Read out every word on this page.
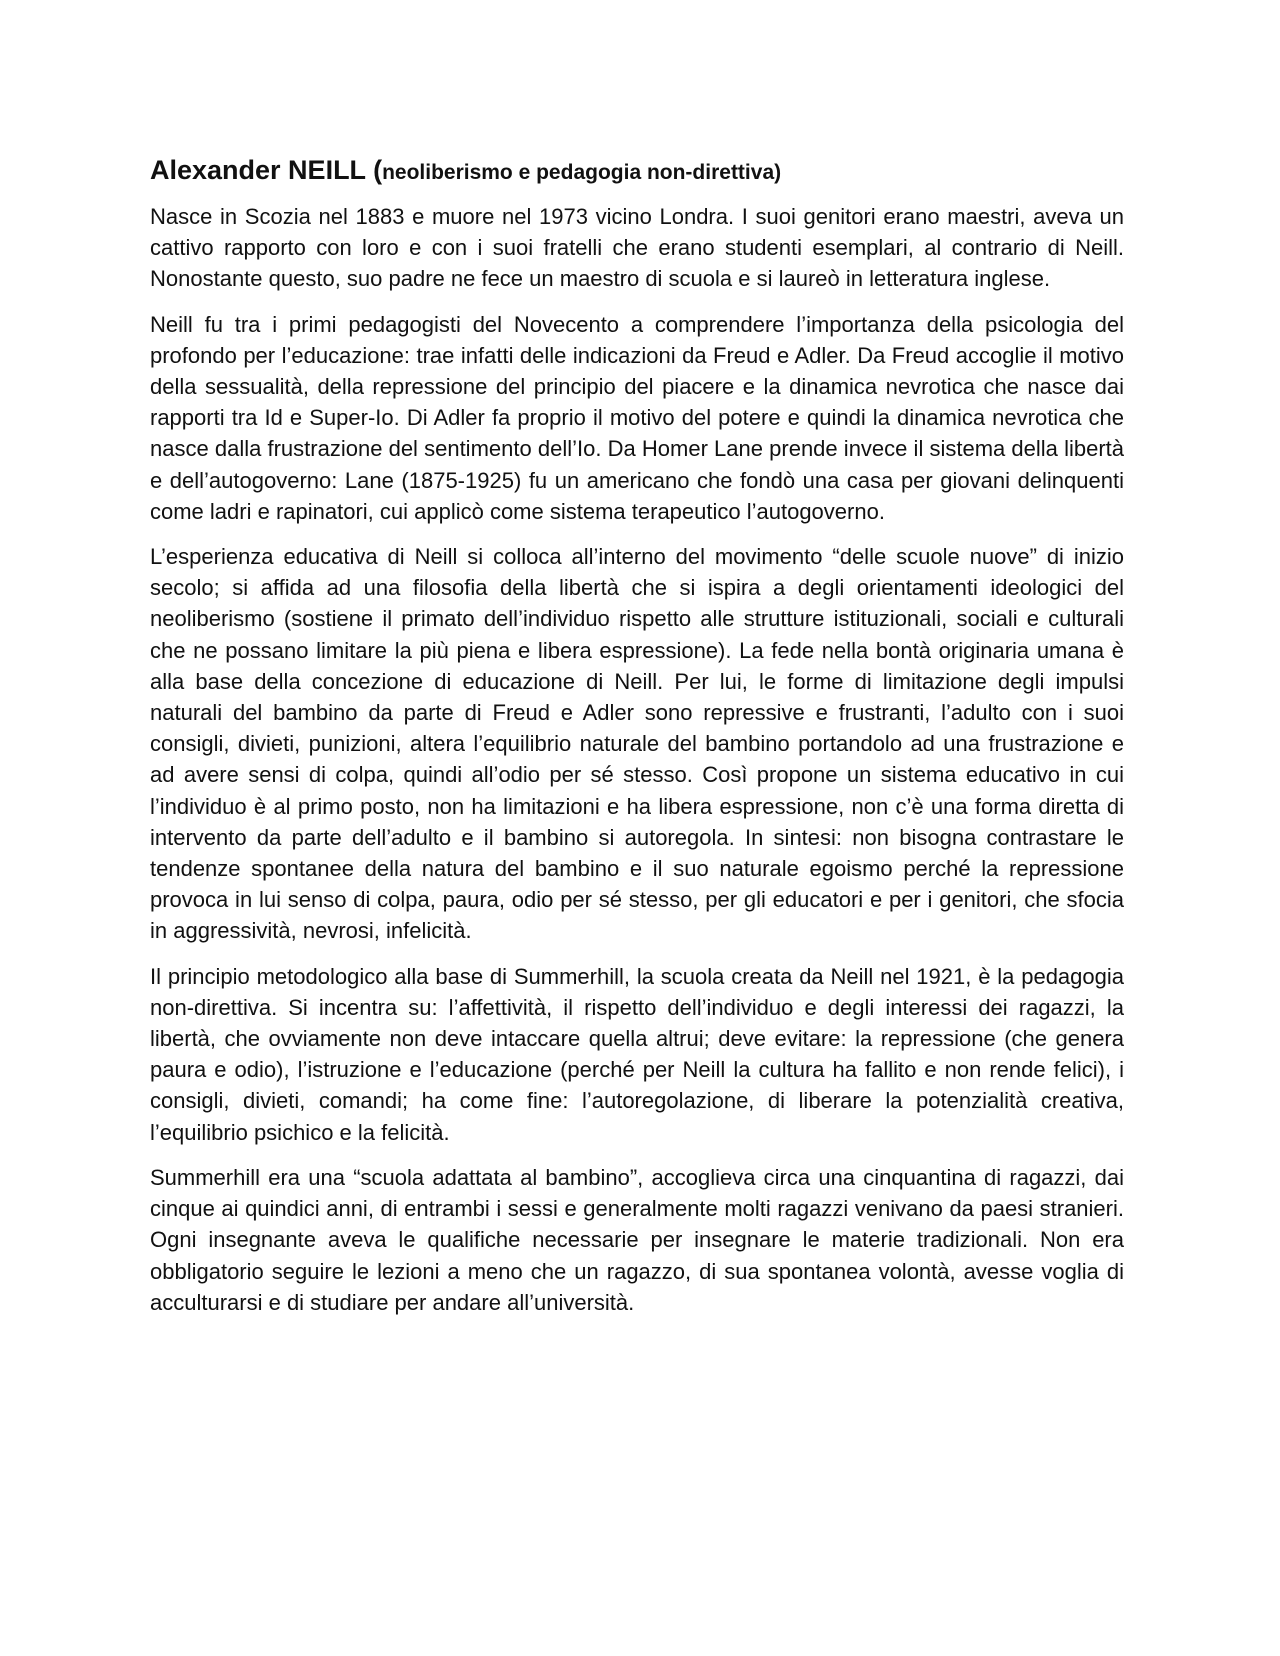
Alexander NEILL (neoliberismo e pedagogia non-direttiva)

Nasce in Scozia nel 1883 e muore nel 1973 vicino Londra. I suoi genitori erano maestri, aveva un cattivo rapporto con loro e con i suoi fratelli che erano studenti esemplari, al contrario di Neill. Nonostante questo, suo padre ne fece un maestro di scuola e si laureò in letteratura inglese.

Neill fu tra i primi pedagogisti del Novecento a comprendere l’importanza della psicologia del profondo per l’educazione: trae infatti delle indicazioni da Freud e Adler. Da Freud accoglie il motivo della sessualità, della repressione del principio del piacere e la dinamica nevrotica che nasce dai rapporti tra Id e Super-Io. Di Adler fa proprio il motivo del potere e quindi la dinamica nevrotica che nasce dalla frustrazione del sentimento dell’Io. Da Homer Lane prende invece il sistema della libertà e dell’autogoverno: Lane (1875-1925) fu un americano che fondò una casa per giovani delinquenti come ladri e rapinatori, cui applicò come sistema terapeutico l’autogoverno.

L’esperienza educativa di Neill si colloca all’interno del movimento “delle scuole nuove” di inizio secolo; si affida ad una filosofia della libertà che si ispira a degli orientamenti ideologici del neoliberismo (sostiene il primato dell’individuo rispetto alle strutture istituzionali, sociali e culturali che ne possano limitare la più piena e libera espressione). La fede nella bontà originaria umana è alla base della concezione di educazione di Neill. Per lui, le forme di limitazione degli impulsi naturali del bambino da parte di Freud e Adler sono repressive e frustranti, l’adulto con i suoi consigli, divieti, punizioni, altera l’equilibrio naturale del bambino portandolo ad una frustrazione e ad avere sensi di colpa, quindi all’odio per sé stesso. Così propone un sistema educativo in cui l’individuo è al primo posto, non ha limitazioni e ha libera espressione, non c’è una forma diretta di intervento da parte dell’adulto e il bambino si autoregola. In sintesi: non bisogna contrastare le tendenze spontanee della natura del bambino e il suo naturale egoismo perché la repressione provoca in lui senso di colpa, paura, odio per sé stesso, per gli educatori e per i genitori, che sfocia in aggressività, nevrosi, infelicità.

Il principio metodologico alla base di Summerhill, la scuola creata da Neill nel 1921, è la pedagogia non-direttiva. Si incentra su: l’affettività, il rispetto dell’individuo e degli interessi dei ragazzi, la libertà, che ovviamente non deve intaccare quella altrui; deve evitare: la repressione (che genera paura e odio), l’istruzione e l’educazione (perché per Neill la cultura ha fallito e non rende felici), i consigli, divieti, comandi; ha come fine: l’autoregolazione, di liberare la potenzialità creativa, l’equilibrio psichico e la felicità.

Summerhill era una “scuola adattata al bambino”, accoglieva circa una cinquantina di ragazzi, dai cinque ai quindici anni, di entrambi i sessi e generalmente molti ragazzi venivano da paesi stranieri. Ogni insegnante aveva le qualifiche necessarie per insegnare le materie tradizionali. Non era obbligatorio seguire le lezioni a meno che un ragazzo, di sua spontanea volontà, avesse voglia di acculturarsi e di studiare per andare all’università.
